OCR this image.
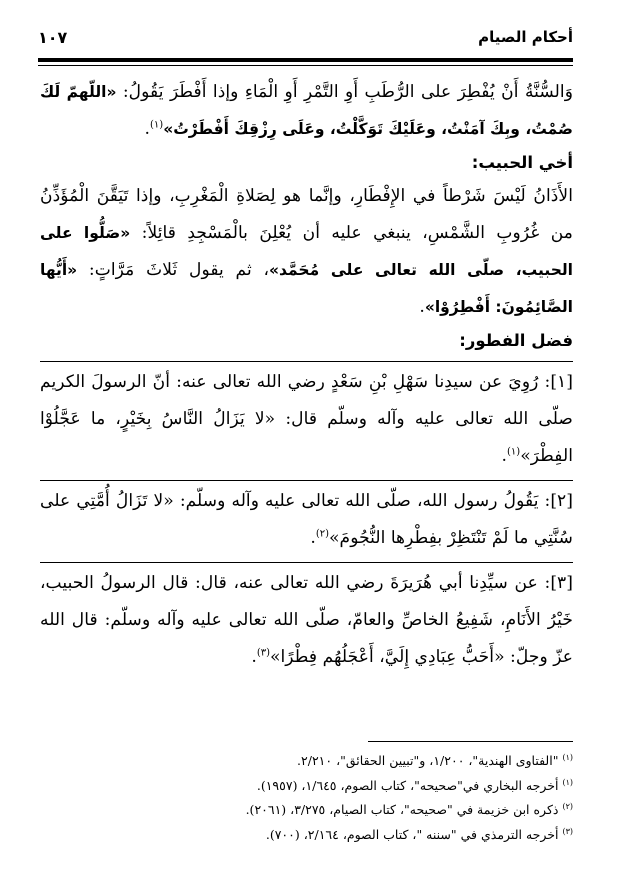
أحكام الصيام
١٠٧

وَالسُّنَّةُ أَنْ يُفْطِرَ على الرُّطَبِ أَوِ التَّمْرِ أَوِ الْمَاءِ وإذا أَفْطَرَ يَقُولُ: «اللّهمّ لَكَ صُمْتُ، وبِكَ آمَنْتُ، وعَلَيْكَ تَوَكَّلْتُ، وعَلَى رِزْقِكَ أَفْطَرْتُ»$^{(١)}$.

أخي الحبيب:

الأَذَانُ لَيْسَ شَرْطاً في الإِفْطَارِ، وإنَّما هو لِصَلاةِ الْمَغْرِبِ، وإذا تَيَقَّنَ الْمُؤَذِّنُ من غُرُوبِ الشَّمْسِ، ينبغي عليه أن يُعْلِنَ بالْمَسْجِدِ قائِلاً: «صَلُّوا على الحبيب، صلّى الله تعالى على مُحَمَّد»، ثم يقول ثَلاثَ مَرَّاتٍ: «أَيُّها الصَّائِمُونَ: أَفْطِرُوْا».

فضل الفطور:

[١]: رُوِيَ عن سيدِنا سَهْلِ بْنِ سَعْدٍ رضي الله تعالى عنه: أنّ الرسولَ الكريم صلّى الله تعالى عليه وآله وسلّم قال: «لا يَزَالُ النَّاسُ بِخَيْرٍ، ما عَجَّلُوْا الفِطْرَ»$^{(١)}$.

[٢]: يَقُولُ رسول الله، صلّى الله تعالى عليه وآله وسلّم: «لا تَزَالُ أُمَّتِي على سُنَّتِي ما لَمْ تَنْتَظِرْ بفِطْرِها النُّجُومَ»$^{(٢)}$.

[٣]: عن سيِّدِنا أبي هُرَيرَةَ رضي الله تعالى عنه، قال: قال الرسولُ الحبيب، خَيْرُ الأَنَامِ، شَفِيعُ الخاصِّ والعامّ، صلّى الله تعالى عليه وآله وسلّم: قال الله عزّ وجلّ: «أَحَبُّ عِبَادِي إِلَيَّ، أَعْجَلُهُم فِطْرًا»$^{(٣)}$.

$^{(١)}$ "الفتاوى الهندية"، ١/٢٠٠، و"تبيين الحقائق"، ٢/٢١٠.

$^{(١)}$ أخرجه البخاري في"صحيحه"، كتاب الصوم، ١/٦٤٥، (١٩٥٧).

$^{(٢)}$ ذكره ابن خزيمة في "صحيحه"، كتاب الصيام، ٣/٢٧٥، (٢٠٦١).

$^{(٣)}$ أخرجه الترمذي في "سننه "، كتاب الصوم، ٢/١٦٤، (٧٠٠).
